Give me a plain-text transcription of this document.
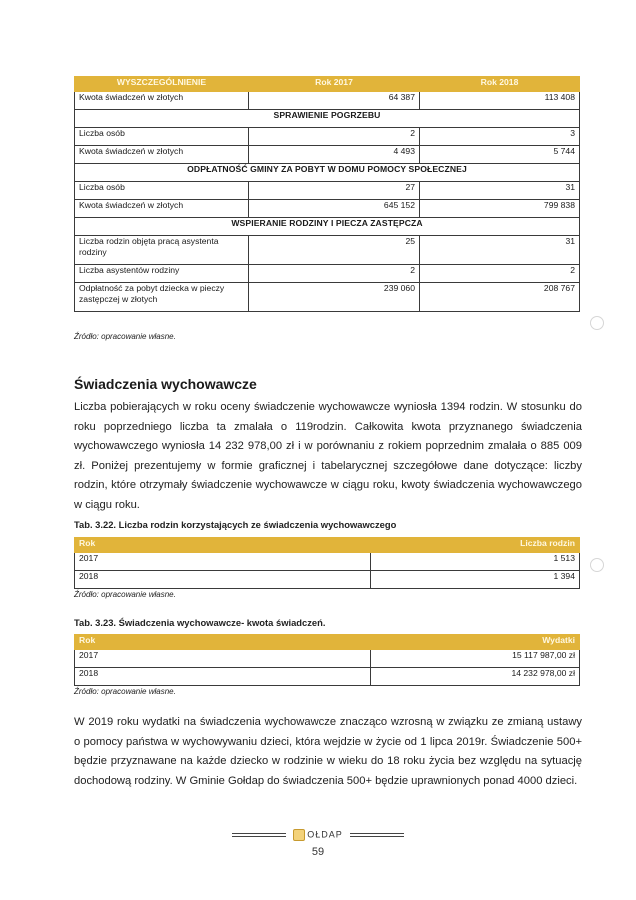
WYSZCZEGÓLNIENIE	Rok 2017	Rok 2018
Kwota świadczeń w złotych	64 387	113 408
SPRAWIENIE POGRZEBU		
Liczba osób	2	3
Kwota świadczeń w złotych	4 493	5 744
ODPŁATNOŚĆ GMINY ZA POBYT W DOMU POMOCY SPOŁECZNEJ		
Liczba osób	27	31
Kwota świadczeń w złotych	645 152	799 838
WSPIERANIE RODZINY I PIECZA ZASTĘPCZA		
Liczba rodzin objęta pracą asystenta rodziny	25	31
Liczba asystentów rodziny	2	2
Odpłatność za pobyt dziecka w pieczy zastępczej w złotych	239 060	208 767
Źródło: opracowanie własne.
Świadczenia wychowawcze
Liczba pobierających w roku oceny świadczenie wychowawcze wyniosła 1394 rodzin. W stosunku do roku poprzedniego liczba ta zmalała o 119rodzin. Całkowita kwota przyznanego świadczenia wychowawczego wyniosła 14 232 978,00 zł i w porównaniu z rokiem poprzednim zmalała o 885 009 zł. Poniżej prezentujemy w formie graficznej i tabelarycznej szczegółowe dane dotyczące: liczby rodzin, które otrzymały świadczenie wychowawcze w ciągu roku, kwoty świadczenia wychowawczego w ciągu roku.
Tab. 3.22. Liczba rodzin korzystających ze świadczenia wychowawczego
Rok	Liczba rodzin
2017	1 513
2018	1 394
Źródło: opracowanie własne.
Tab. 3.23. Świadczenia wychowawcze- kwota świadczeń.
Rok	Wydatki
2017	15 117 987,00 zł
2018	14 232 978,00 zł
Źródło: opracowanie własne.
W 2019 roku wydatki na świadczenia wychowawcze znacząco wzrosną w związku ze zmianą ustawy o pomocy państwa w wychowywaniu dzieci, która wejdzie w życie od 1 lipca 2019r. Świadczenie 500+ będzie przyznawane na każde dziecko w rodzinie w wieku do 18 roku życia bez względu na sytuację dochodową rodziny. W Gminie Gołdap do świadczenia 500+ będzie uprawnionych ponad 4000 dzieci.
OŁDAP
59
